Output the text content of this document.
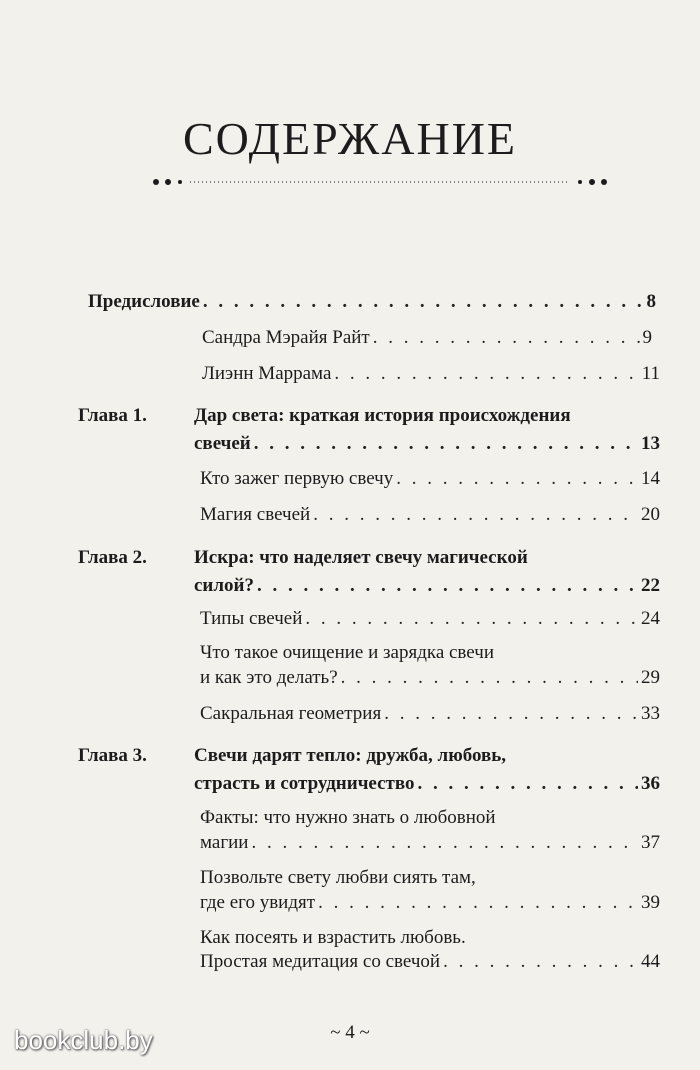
СОДЕРЖАНИЕ
Предисловие . . .	8
Сандра Мэрайя Райт . . .	9
Лиэнн Маррама . . .	11
Глава 1. Дар света: краткая история происхождения
свечей . . .	13
Кто зажег первую свечу . . .	14
Магия свечей . . .	20
Глава 2. Искра: что наделяет свечу магической
силой? . . .	22
Типы свечей . . .	24
Что такое очищение и зарядка свечи
и как это делать? . . .	29
Сакральная геометрия . . .	33
Глава 3. Свечи дарят тепло: дружба, любовь,
страсть и сотрудничество . . .	36
Факты: что нужно знать о любовной
магии . . .	37
Позвольте свету любви сиять там,
где его увидят . . .	39
Как посеять и взрастить любовь.
Простая медитация со свечой . . .	44
~ 4 ~
bookclub.by
